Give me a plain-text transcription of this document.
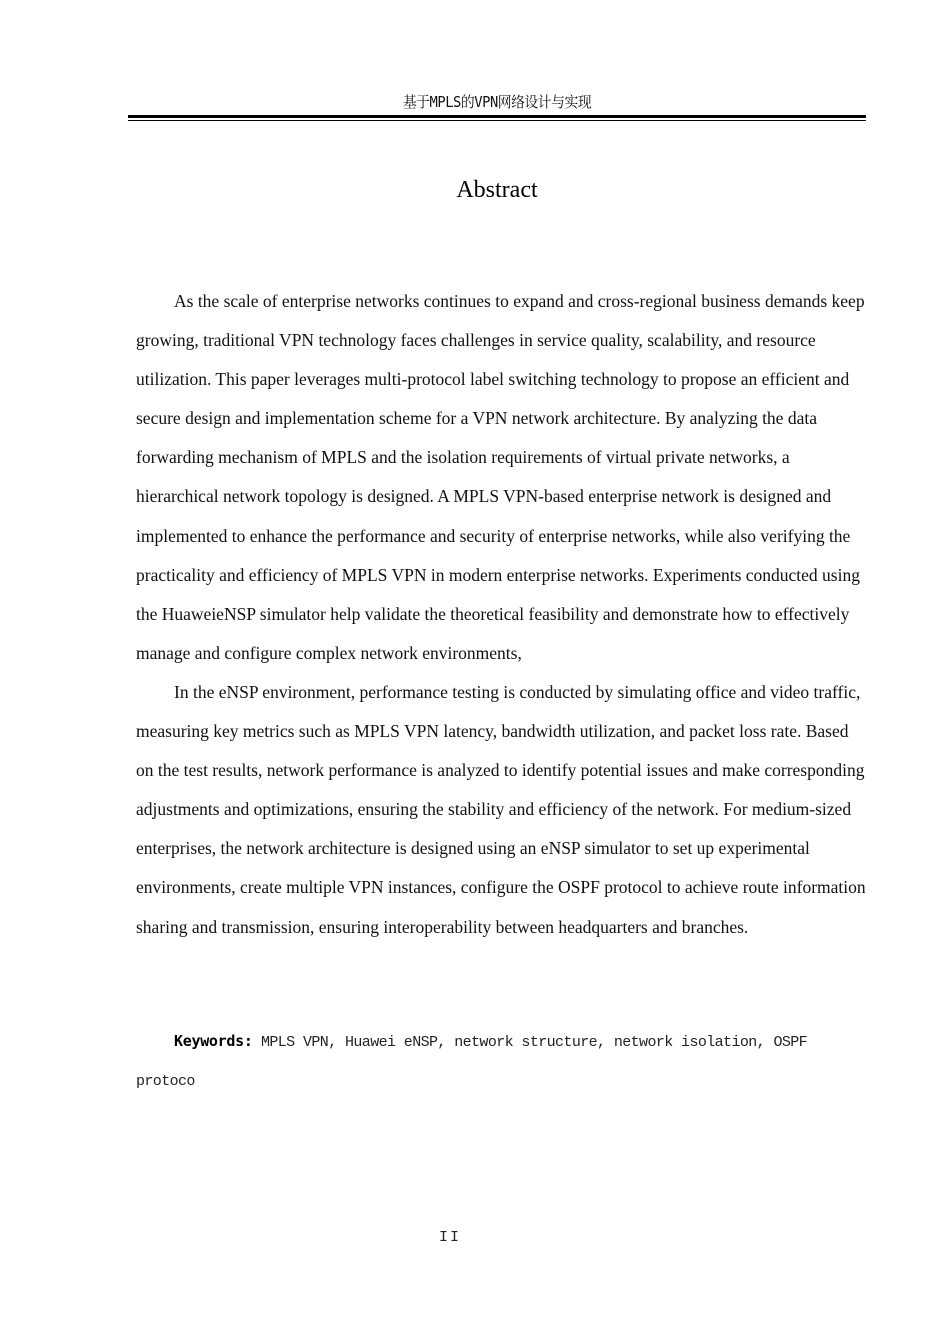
基于MPLS的VPN网络设计与实现
Abstract

As the scale of enterprise networks continues to expand and cross-regional business demands keep growing, traditional VPN technology faces challenges in service quality, scalability, and resource utilization. This paper leverages multi-protocol label switching technology to propose an efficient and secure design and implementation scheme for a VPN network architecture. By analyzing the data forwarding mechanism of MPLS and the isolation requirements of virtual private networks, a hierarchical network topology is designed. A MPLS VPN-based enterprise network is designed and implemented to enhance the performance and security of enterprise networks, while also verifying the practicality and efficiency of MPLS VPN in modern enterprise networks. Experiments conducted using the HuaweieNSP simulator help validate the theoretical feasibility and demonstrate how to effectively manage and configure complex network environments,

In the eNSP environment, performance testing is conducted by simulating office and video traffic, measuring key metrics such as MPLS VPN latency, bandwidth utilization, and packet loss rate. Based on the test results, network performance is analyzed to identify potential issues and make corresponding adjustments and optimizations, ensuring the stability and efficiency of the network. For medium-sized enterprises, the network architecture is designed using an eNSP simulator to set up experimental environments, create multiple VPN instances, configure the OSPF protocol to achieve route information sharing and transmission, ensuring interoperability between headquarters and branches.

Keywords: MPLS VPN, Huawei eNSP, network structure, network isolation, OSPF protoco
II
